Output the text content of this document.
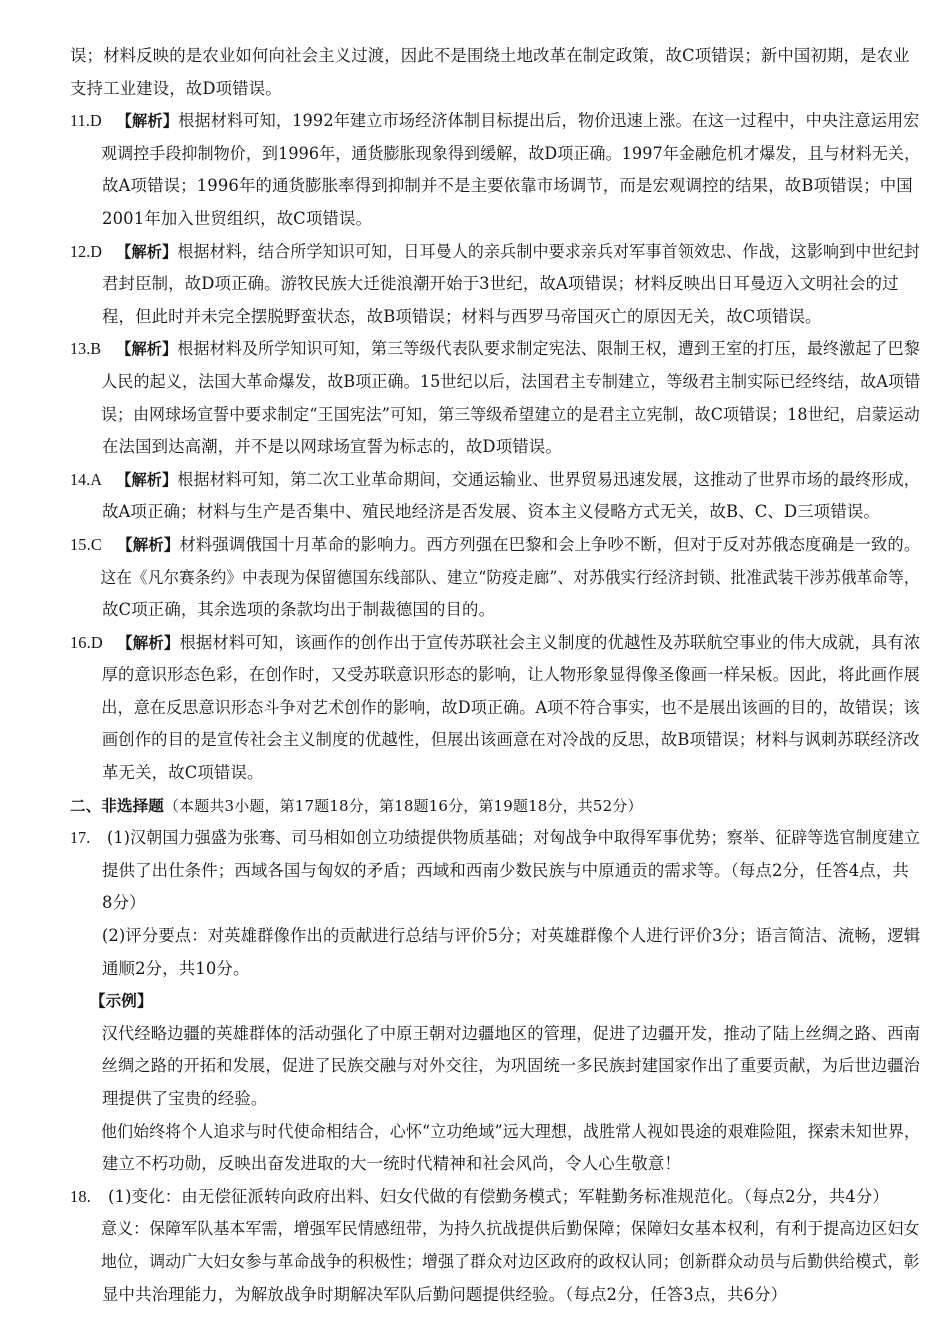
误；材料反映的是农业如何向社会主义过渡，因此不是围绕土地改革在制定政策，故C项错误；新中国初期，是农业
支持工业建设，故D项错误。
11.D 【解析】根据材料可知，1992年建立市场经济体制目标提出后，物价迅速上涨。在这一过程中，中央注意运用宏
观调控手段抑制物价，到1996年，通货膨胀现象得到缓解，故D项正确。1997年金融危机才爆发，且与材料无关，
故A项错误；1996年的通货膨胀率得到抑制并不是主要依靠市场调节，而是宏观调控的结果，故B项错误；中国
2001年加入世贸组织，故C项错误。
12.D 【解析】根据材料，结合所学知识可知，日耳曼人的亲兵制中要求亲兵对军事首领效忠、作战，这影响到中世纪封
君封臣制，故D项正确。游牧民族大迁徙浪潮开始于3世纪，故A项错误；材料反映出日耳曼迈入文明社会的过
程，但此时并未完全摆脱野蛮状态，故B项错误；材料与西罗马帝国灭亡的原因无关，故C项错误。
13.B 【解析】根据材料及所学知识可知，第三等级代表队要求制定宪法、限制王权，遭到王室的打压，最终激起了巴黎
人民的起义，法国大革命爆发，故B项正确。15世纪以后，法国君主专制建立，等级君主制实际已经终结，故A项错
误；由网球场宣誓中要求制定“王国宪法”可知，第三等级希望建立的是君主立宪制，故C项错误；18世纪，启蒙运动
在法国到达高潮，并不是以网球场宣誓为标志的，故D项错误。
14.A 【解析】根据材料可知，第二次工业革命期间，交通运输业、世界贸易迅速发展，这推动了世界市场的最终形成，
故A项正确；材料与生产是否集中、殖民地经济是否发展、资本主义侵略方式无关，故B、C、D三项错误。
15.C 【解析】材料强调俄国十月革命的影响力。西方列强在巴黎和会上争吵不断，但对于反对苏俄态度确是一致的。
这在《凡尔赛条约》中表现为保留德国东线部队、建立“防疫走廊”、对苏俄实行经济封锁、批准武装干涉苏俄革命等，
故C项正确，其余选项的条款均出于制裁德国的目的。
16.D 【解析】根据材料可知，该画作的创作出于宣传苏联社会主义制度的优越性及苏联航空事业的伟大成就，具有浓
厚的意识形态色彩，在创作时，又受苏联意识形态的影响，让人物形象显得像圣像画一样呆板。因此，将此画作展
出，意在反思意识形态斗争对艺术创作的影响，故D项正确。A项不符合事实，也不是展出该画的目的，故错误；该
画创作的目的是宣传社会主义制度的优越性，但展出该画意在对冷战的反思，故B项错误；材料与讽刺苏联经济改
革无关，故C项错误。
二、非选择题（本题共3小题，第17题18分，第18题16分，第19题18分，共52分）
17. (1)汉朝国力强盛为张骞、司马相如创立功绩提供物质基础；对匈战争中取得军事优势；察举、征辟等选官制度建立
提供了出仕条件；西域各国与匈奴的矛盾；西域和西南少数民族与中原通贡的需求等。（每点2分，任答4点，共
8分）
(2)评分要点：对英雄群像作出的贡献进行总结与评价5分；对英雄群像个人进行评价3分；语言简洁、流畅，逻辑
通顺2分，共10分。
【示例】
汉代经略边疆的英雄群体的活动强化了中原王朝对边疆地区的管理，促进了边疆开发，推动了陆上丝绸之路、西南
丝绸之路的开拓和发展，促进了民族交融与对外交往，为巩固统一多民族封建国家作出了重要贡献，为后世边疆治
理提供了宝贵的经验。
他们始终将个人追求与时代使命相结合，心怀“立功绝域”远大理想，战胜常人视如畏途的艰难险阻，探索未知世界，
建立不朽功勋，反映出奋发进取的大一统时代精神和社会风尚，令人心生敬意！
18. (1)变化：由无偿征派转向政府出料、妇女代做的有偿勤务模式；军鞋勤务标准规范化。（每点2分，共4分）
意义：保障军队基本军需，增强军民情感纽带，为持久抗战提供后勤保障；保障妇女基本权利，有利于提高边区妇女
地位，调动广大妇女参与革命战争的积极性；增强了群众对边区政府的政权认同；创新群众动员与后勤供给模式，彰
显中共治理能力，为解放战争时期解决军队后勤问题提供经验。（每点2分，任答3点，共6分）
